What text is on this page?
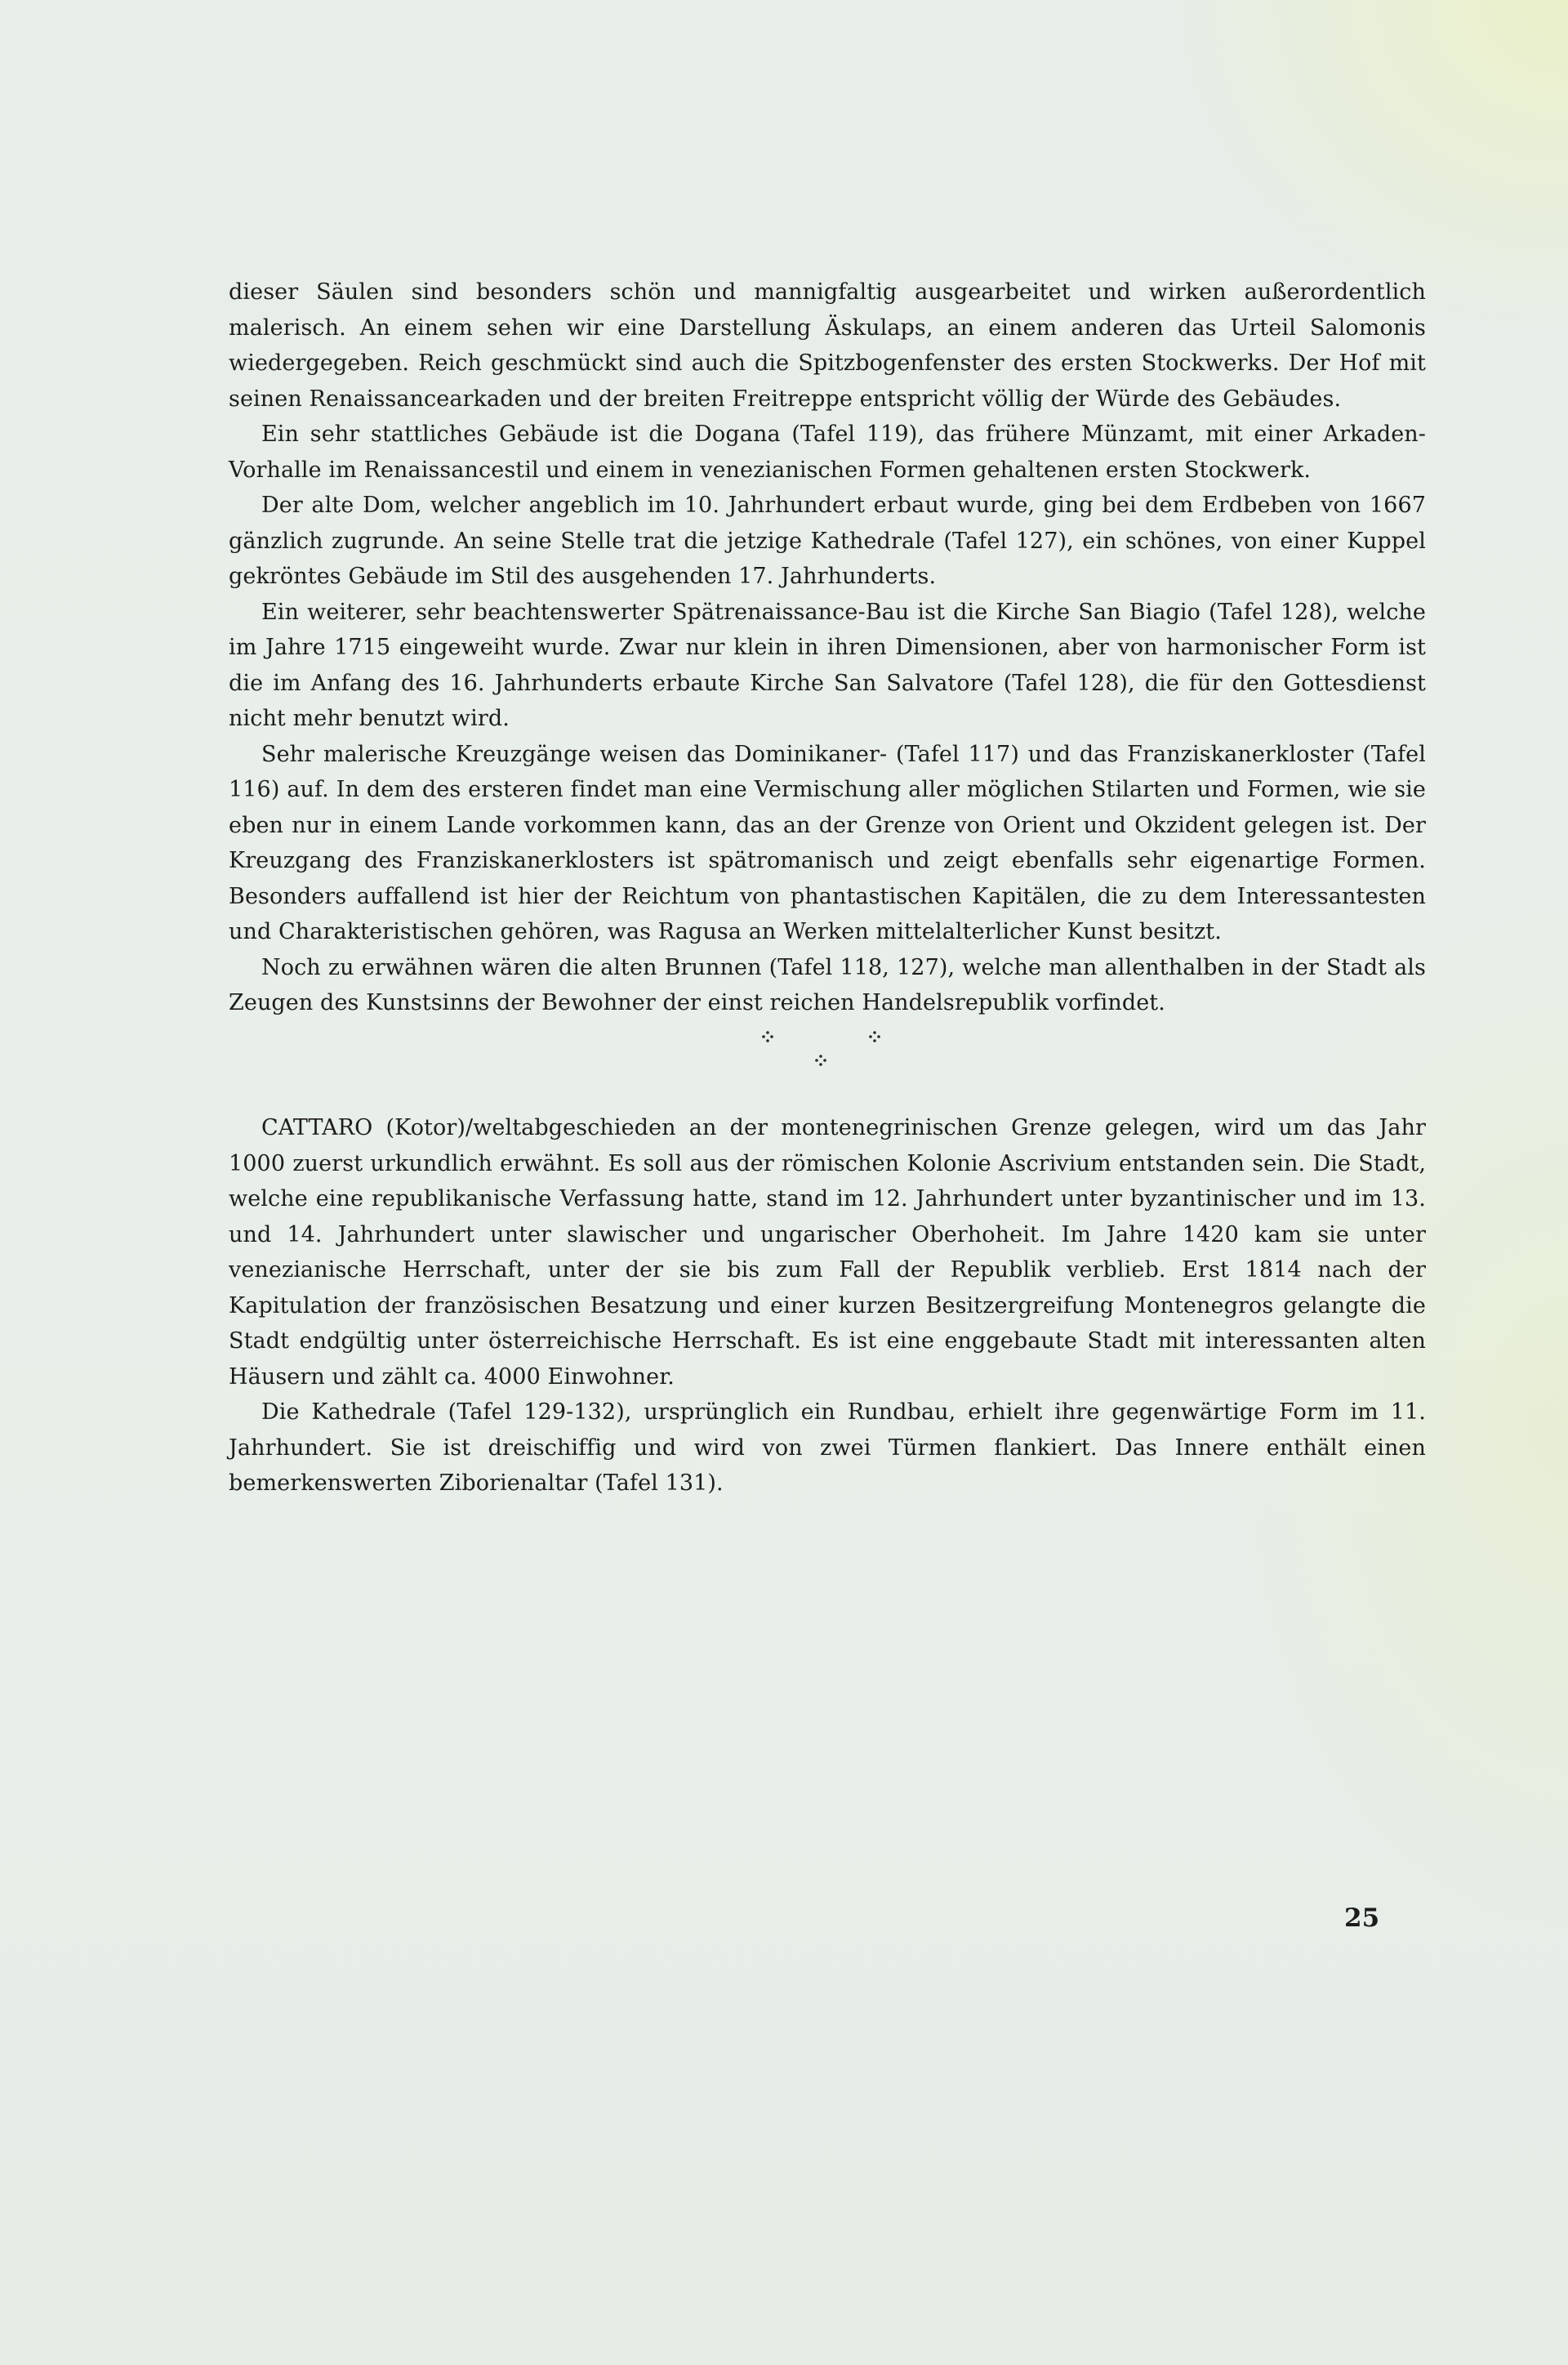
dieser Säulen sind besonders schön und mannigfaltig ausgearbeitet und wirken außerordentlich malerisch. An einem sehen wir eine Darstellung Äskulaps, an einem anderen das Urteil Salomonis wiedergegeben. Reich geschmückt sind auch die Spitzbogenfenster des ersten Stockwerks. Der Hof mit seinen Renaissancearkaden und der breiten Freitreppe entspricht völlig der Würde des Gebäudes.

Ein sehr stattliches Gebäude ist die Dogana (Tafel 119), das frühere Münzamt, mit einer Arkaden-Vorhalle im Renaissancestil und einem in venezianischen Formen gehaltenen ersten Stockwerk.

Der alte Dom, welcher angeblich im 10. Jahrhundert erbaut wurde, ging bei dem Erdbeben von 1667 gänzlich zugrunde. An seine Stelle trat die jetzige Kathedrale (Tafel 127), ein schönes, von einer Kuppel gekröntes Gebäude im Stil des ausgehenden 17. Jahrhunderts.

Ein weiterer, sehr beachtenswerter Spätrenaissance-Bau ist die Kirche San Biagio (Tafel 128), welche im Jahre 1715 eingeweiht wurde. Zwar nur klein in ihren Dimensionen, aber von harmonischer Form ist die im Anfang des 16. Jahrhunderts erbaute Kirche San Salvatore (Tafel 128), die für den Gottesdienst nicht mehr benutzt wird.

Sehr malerische Kreuzgänge weisen das Dominikaner- (Tafel 117) und das Franziskanerkloster (Tafel 116) auf. In dem des ersteren findet man eine Vermischung aller möglichen Stilarten und Formen, wie sie eben nur in einem Lande vorkommen kann, das an der Grenze von Orient und Okzident gelegen ist. Der Kreuzgang des Franziskanerklosters ist spätromanisch und zeigt ebenfalls sehr eigenartige Formen. Besonders auffallend ist hier der Reichtum von phantastischen Kapitälen, die zu dem Interessantesten und Charakteristischen gehören, was Ragusa an Werken mittelalterlicher Kunst besitzt.

Noch zu erwähnen wären die alten Brunnen (Tafel 118, 127), welche man allenthalben in der Stadt als Zeugen des Kunstsinns der Bewohner der einst reichen Handelsrepublik vorfindet.

CATTARO (Kotor)/weltabgeschieden an der montenegrinischen Grenze gelegen, wird um das Jahr 1000 zuerst urkundlich erwähnt. Es soll aus der römischen Kolonie Ascrivium entstanden sein. Die Stadt, welche eine republikanische Verfassung hatte, stand im 12. Jahrhundert unter byzantinischer und im 13. und 14. Jahrhundert unter slawischer und ungarischer Oberhoheit. Im Jahre 1420 kam sie unter venezianische Herrschaft, unter der sie bis zum Fall der Republik verblieb. Erst 1814 nach der Kapitulation der französischen Besatzung und einer kurzen Besitzergreifung Montenegros gelangte die Stadt endgültig unter österreichische Herrschaft. Es ist eine enggebaute Stadt mit interessanten alten Häusern und zählt ca. 4000 Einwohner.

Die Kathedrale (Tafel 129-132), ursprünglich ein Rundbau, erhielt ihre gegenwärtige Form im 11. Jahrhundert. Sie ist dreischiffig und wird von zwei Türmen flankiert. Das Innere enthält einen bemerkenswerten Ziborienaltar (Tafel 131).

25
